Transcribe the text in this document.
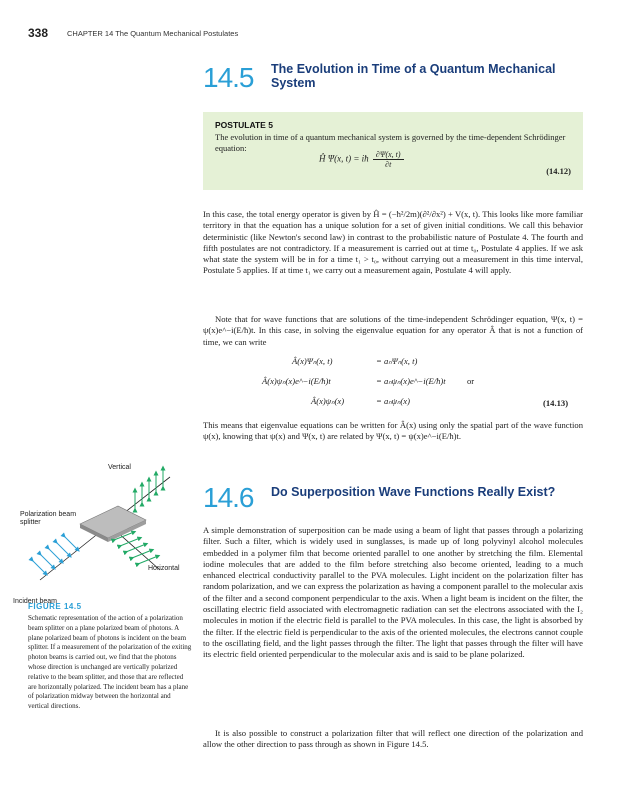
338	CHAPTER 14 The Quantum Mechanical Postulates
14.5 The Evolution in Time of a Quantum Mechanical System
POSTULATE 5
The evolution in time of a quantum mechanical system is governed by the time-dependent Schrödinger equation:
Ĥ Ψ(x, t) = iħ $\frac{\partial\Psi(x, t)}{\partial t}$
(14.12)

In this case, the total energy operator is given by Ĥ = (−ħ²/2m)(∂²/∂x²) + V(x, t). This looks like more familiar territory in that the equation has a unique solution for a set of given initial conditions. We call this behavior deterministic (like Newton's second law) in contrast to the probabilistic nature of Postulate 4. The fourth and fifth postulates are not contradictory. If a measurement is carried out at time t₀, Postulate 4 applies. If we ask what state the system will be in for a time t₁ > t₀, without carrying out a measurement in this time interval, Postulate 5 applies. If at time t₁ we carry out a measurement again, Postulate 4 will apply.

Note that for wave functions that are solutions of the time-independent Schrödinger equation, Ψ(x, t) = ψ(x)e^−i(E/ħ)t. In this case, in solving the eigenvalue equation for any operator Â that is not a function of time, we can write

Â(x)Ψₙ(x, t)	= aₙΨₙ(x, t)
Â(x)ψₙ(x)e^−i(E/ħ)t	= aₙψₙ(x)e^−i(E/ħ)t or
Â(x)ψₙ(x)	= aₙψₙ(x)	(14.13)

This means that eigenvalue equations can be written for Â(x) using only the spatial part of the wave function ψ(x), knowing that ψ(x) and Ψ(x, t) are related by Ψ(x, t) = ψ(x)e^−i(E/ħ)t.

14.6 Do Superposition Wave Functions Really Exist?

A simple demonstration of superposition can be made using a beam of light that passes through a polarizing filter. Such a filter, which is widely used in sunglasses, is made up of long polyvinyl alcohol molecules embedded in a polymer film that become oriented parallel to one another by stretching the film. Elemental iodine molecules that are added to the film before stretching also become oriented, leading to a much enhanced electrical conductivity parallel to the PVA molecules. Light incident on the polarization filter has random polarization, and we can express the polarization as having a component parallel to the molecular axis of the filter and a second component perpendicular to the axis. When a light beam is incident on the filter, the oscillating electric field associated with electromagnetic radiation can set the electrons associated with the I₂ molecules in motion if the electric field is parallel to the PVA molecules. In this case, the light is absorbed by the filter. If the electric field is perpendicular to the axis of the oriented molecules, the electrons cannot couple to the oscillating field, and the light passes through the filter. The light that passes through the filter will have its electric field oriented perpendicular to the molecular axis and is said to be plane polarized.

It is also possible to construct a polarization filter that will reflect one direction of the polarization and allow the other direction to pass through as shown in Figure 14.5.

Vertical
Polarization beam splitter
Horizontal
Incident beam
FIGURE 14.5
Schematic representation of the action of a polarization beam splitter on a plane polarized beam of photons. A plane polarized beam of photons is incident on the beam splitter. If a measurement of the polarization of the exiting photon beams is carried out, we find that the photons whose direction is unchanged are vertically polarized relative to the beam splitter, and those that are reflected are horizontally polarized. The incident beam has a plane of polarization midway between the horizontal and vertical directions.
